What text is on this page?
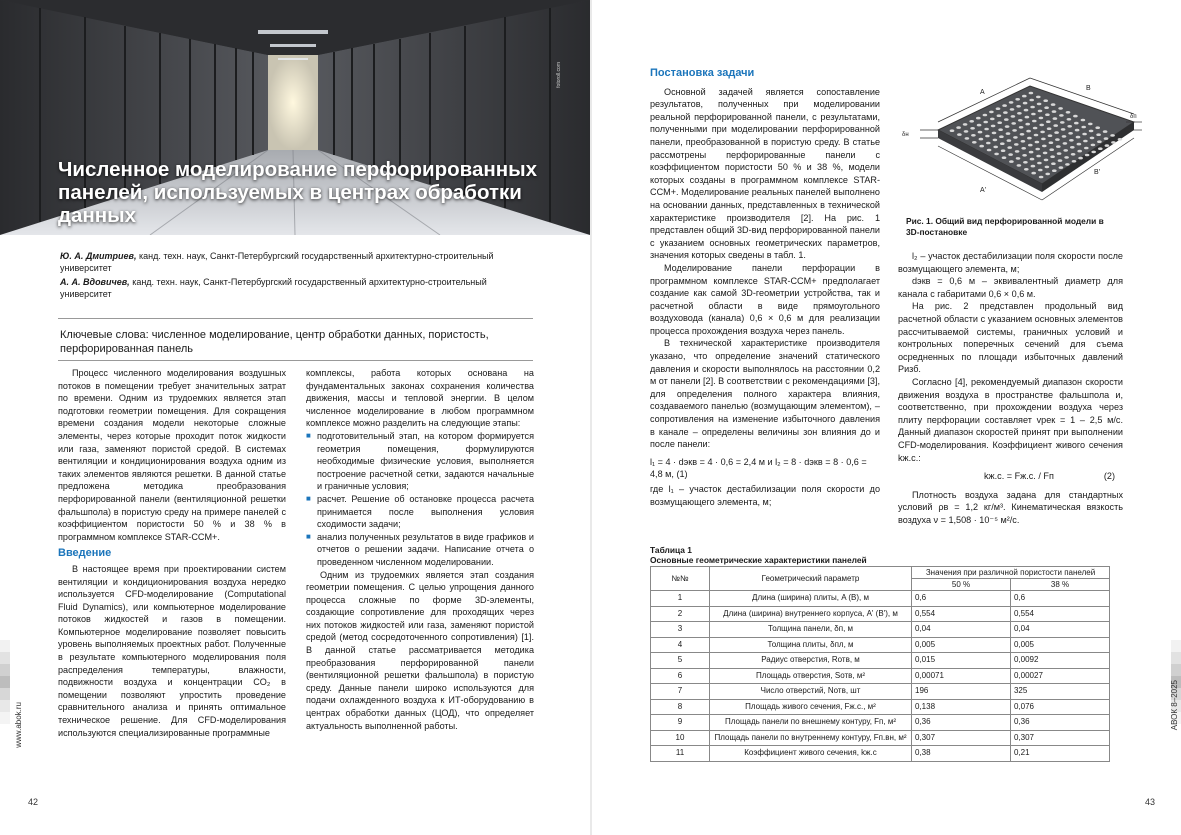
fotoroll.com
Численное моделирование перфорированных панелей, используемых в центрах обработки данных

Ю. А. Дмитриев, канд. техн. наук, Санкт-Петербургский государственный архитектурно-строительный университет

А. А. Вдовичев, канд. техн. наук, Санкт-Петербургский государственный архитектурно-строительный университет

Ключевые слова: численное моделирование, центр обработки данных, пористость, перфорированная панель

Процесс численного моделирования воздушных потоков в помещении требует значительных затрат по времени. Одним из трудоемких является этап подготовки геометрии помещения. Для сокращения времени создания модели некоторые сложные элементы, через которые проходит поток жидкости или газа, заменяют пористой средой. В системах вентиляции и кондиционирования воздуха одним из таких элементов являются решетки. В данной статье предложена методика преобразования перфорированной панели (вентиляционной решетки фальшпола) в пористую среду на примере панелей с коэффициентом пористости 50 % и 38 % в программном комплексе STAR-CCM+.

Введение

В настоящее время при проектировании систем вентиляции и кондиционирования воздуха нередко используется CFD-моделирование (Computational Fluid Dynamics), или компьютерное моделирование потоков жидкостей и газов в помещении. Компьютерное моделирование позволяет повысить уровень выполняемых проектных работ. Полученные в результате компьютерного моделирования поля распределения температуры, влажности, подвижности воздуха и концентрации CO₂ в помещении позволяют упростить проведение сравнительного анализа и принять оптимальное техническое решение. Для CFD-моделирования используются специализированные программные

комплексы, работа которых основана на фундаментальных законах сохранения количества движения, массы и тепловой энергии. В целом численное моделирование в любом программном комплексе можно разделить на следующие этапы:

■ подготовительный этап, на котором формируется геометрия помещения, формулируются необходимые физические условия, выполняется построение расчетной сетки, задаются начальные и граничные условия;
■ расчет. Решение об остановке процесса расчета принимается после выполнения условия сходимости задачи;
■ анализ полученных результатов в виде графиков и отчетов о решении задачи. Написание отчета о проведенном численном моделировании.

Одним из трудоемких является этап создания геометрии помещения. С целью упрощения данного процесса сложные по форме 3D-элементы, создающие сопротивление для проходящих через них потоков жидкостей или газа, заменяют пористой средой (метод сосредоточенного сопротивления) [1]. В данной статье рассматривается методика преобразования перфорированной панели (вентиляционной решетки фальшпола) в пористую среду. Данные панели широко используются для подачи охлажденного воздуха к ИТ-оборудованию в центрах обработки данных (ЦОД), что определяет актуальность выполненной работы.

www.abok.ru
42
Постановка задачи

Основной задачей является сопоставление результатов, полученных при моделировании реальной перфорированной панели, с результатами, полученными при моделировании перфорированной панели, преобразованной в пористую среду. В статье рассмотрены перфорированные панели с коэффициентом пористости 50 % и 38 %, модели которых созданы в программном комплексе STAR-CCM+. Моделирование реальных панелей выполнено на основании данных, представленных в технической характеристике производителя [2]. На рис. 1 представлен общий 3D-вид перфорированной панели с указанием основных геометрических параметров, значения которых сведены в табл. 1.

Моделирование панели перфорации в программном комплексе STAR-CCM+ предполагает создание как самой 3D-геометрии устройства, так и расчетной области в виде прямоугольного воздуховода (канала) 0,6 × 0,6 м для реализации процесса прохождения воздуха через панель.

В технической характеристике производителя указано, что определение значений статического давления и скорости выполнялось на расстоянии 0,2 м от панели [2]. В соответствии с рекомендациями [3], для определения полного характера влияния, создаваемого панелью (возмущающим элементом), – сопротивления на изменение избыточного давления в канале – определены величины зон влияния до и после панели:

l₁ = 4 · dэкв = 4 · 0,6 = 2,4 м и l₂ = 8 · dэкв = 8 · 0,6 = 4,8 м, (1)

где l₁ – участок дестабилизации поля скорости до возмущающего элемента, м;

A
B
A'
B'
δп
δн

Рис. 1. Общий вид перфорированной модели в 3D-постановке

l₂ – участок дестабилизации поля скорости после возмущающего элемента, м;

dэкв = 0,6 м – эквивалентный диаметр для канала с габаритами 0,6 × 0,6 м.

На рис. 2 представлен продольный вид расчетной области с указанием основных элементов рассчитываемой системы, граничных условий и контрольных поперечных сечений для съема осредненных по площади избыточных давлений Pизб.

Согласно [4], рекомендуемый диапазон скорости движения воздуха в пространстве фальшпола и, соответственно, при прохождении воздуха через плиту перфорации составляет vрек = 1 – 2,5 м/с. Данный диапазон скоростей принят при выполнении CFD-моделирования. Коэффициент живого сечения kж.с.:

kж.с. = Fж.с. / Fп	(2)

Плотность воздуха задана для стандартных условий ρв = 1,2 кг/м³. Кинематическая вязкость воздуха ν = 1,508 · 10⁻⁵ м²/с.

Таблица 1

Основные геометрические характеристики панелей

№№	Геометрический параметр	Значения при различной пористости панелей	
		50 %	38 %
1	Длина (ширина) плиты, A (B), м	0,6	0,6
2	Длина (ширина) внутреннего корпуса, A' (B'), м	0,554	0,554
3	Толщина панели, δп, м	0,04	0,04
4	Толщина плиты, δпл, м	0,005	0,005
5	Радиус отверстия, Rотв, м	0,015	0,0092
6	Площадь отверстия, Sотв, м²	0,00071	0,00027
7	Число отверстий, Nотв, шт	196	325
8	Площадь живого сечения, Fж.с., м²	0,138	0,076
9	Площадь панели по внешнему контуру, Fп, м²	0,36	0,36
10	Площадь панели по внутреннему контуру, Fп.вн, м²	0,307	0,307
11	Коэффициент живого сечения, kж.с	0,38	0,21
АВОК 8–2025
43
